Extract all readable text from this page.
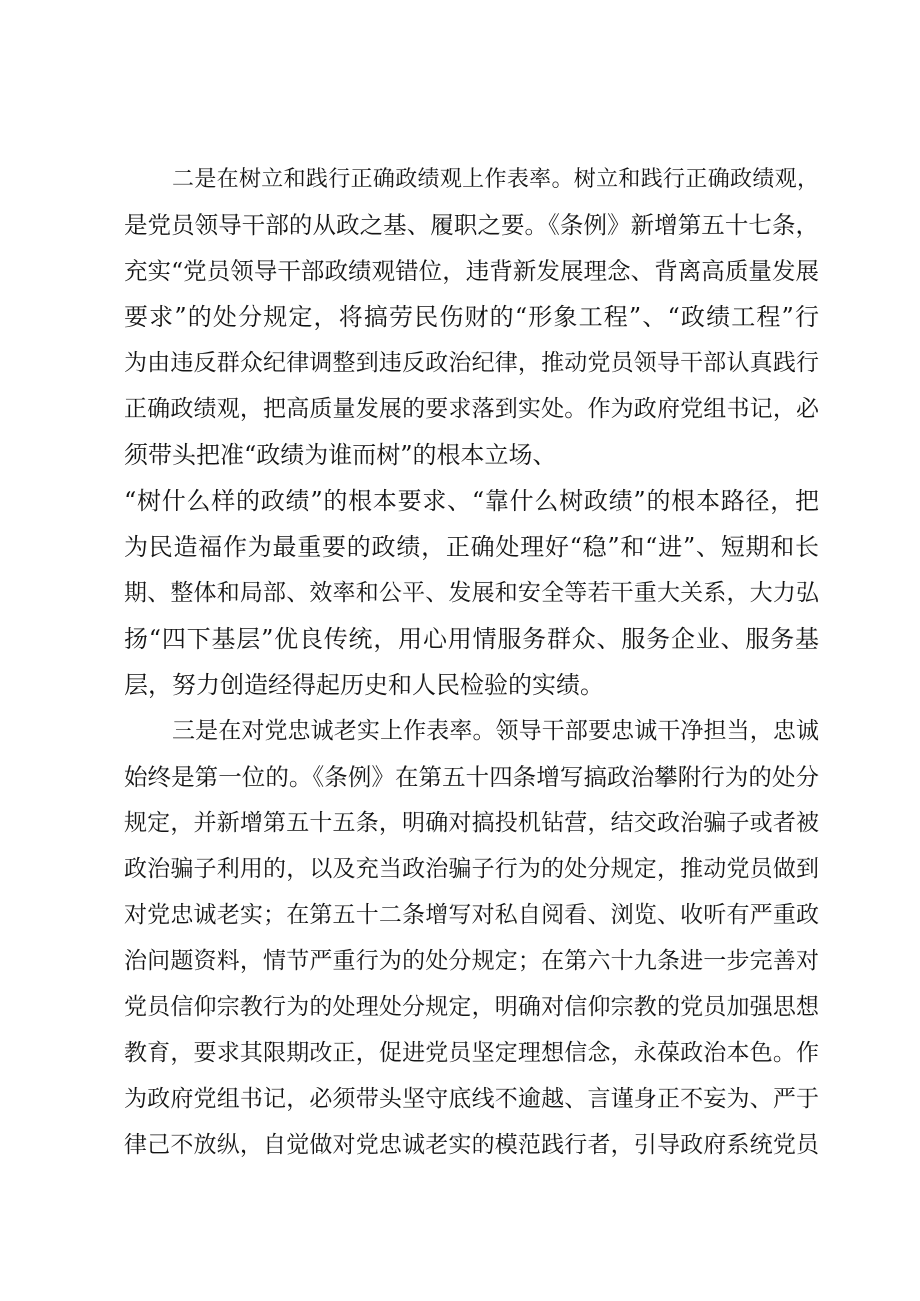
二是在树立和践行正确政绩观上作表率。树立和践行正确政绩观，
是党员领导干部的从政之基、履职之要。《条例》新增第五十七条，
充实“党员领导干部政绩观错位，违背新发展理念、背离高质量发展
要求”的处分规定，将搞劳民伤财的“形象工程”、“政绩工程”行
为由违反群众纪律调整到违反政治纪律，推动党员领导干部认真践行
正确政绩观，把高质量发展的要求落到实处。作为政府党组书记，必
须带头把准“政绩为谁而树”的根本立场、
“树什么样的政绩”的根本要求、“靠什么树政绩”的根本路径，把
为民造福作为最重要的政绩，正确处理好“稳”和“进”、短期和长
期、整体和局部、效率和公平、发展和安全等若干重大关系，大力弘
扬“四下基层”优良传统，用心用情服务群众、服务企业、服务基
层，努力创造经得起历史和人民检验的实绩。
三是在对党忠诚老实上作表率。领导干部要忠诚干净担当，忠诚
始终是第一位的。《条例》在第五十四条增写搞政治攀附行为的处分
规定，并新增第五十五条，明确对搞投机钻营，结交政治骗子或者被
政治骗子利用的，以及充当政治骗子行为的处分规定，推动党员做到
对党忠诚老实；在第五十二条增写对私自阅看、浏览、收听有严重政
治问题资料，情节严重行为的处分规定；在第六十九条进一步完善对
党员信仰宗教行为的处理处分规定，明确对信仰宗教的党员加强思想
教育，要求其限期改正，促进党员坚定理想信念，永葆政治本色。作
为政府党组书记，必须带头坚守底线不逾越、言谨身正不妄为、严于
律己不放纵，自觉做对党忠诚老实的模范践行者，引导政府系统党员
